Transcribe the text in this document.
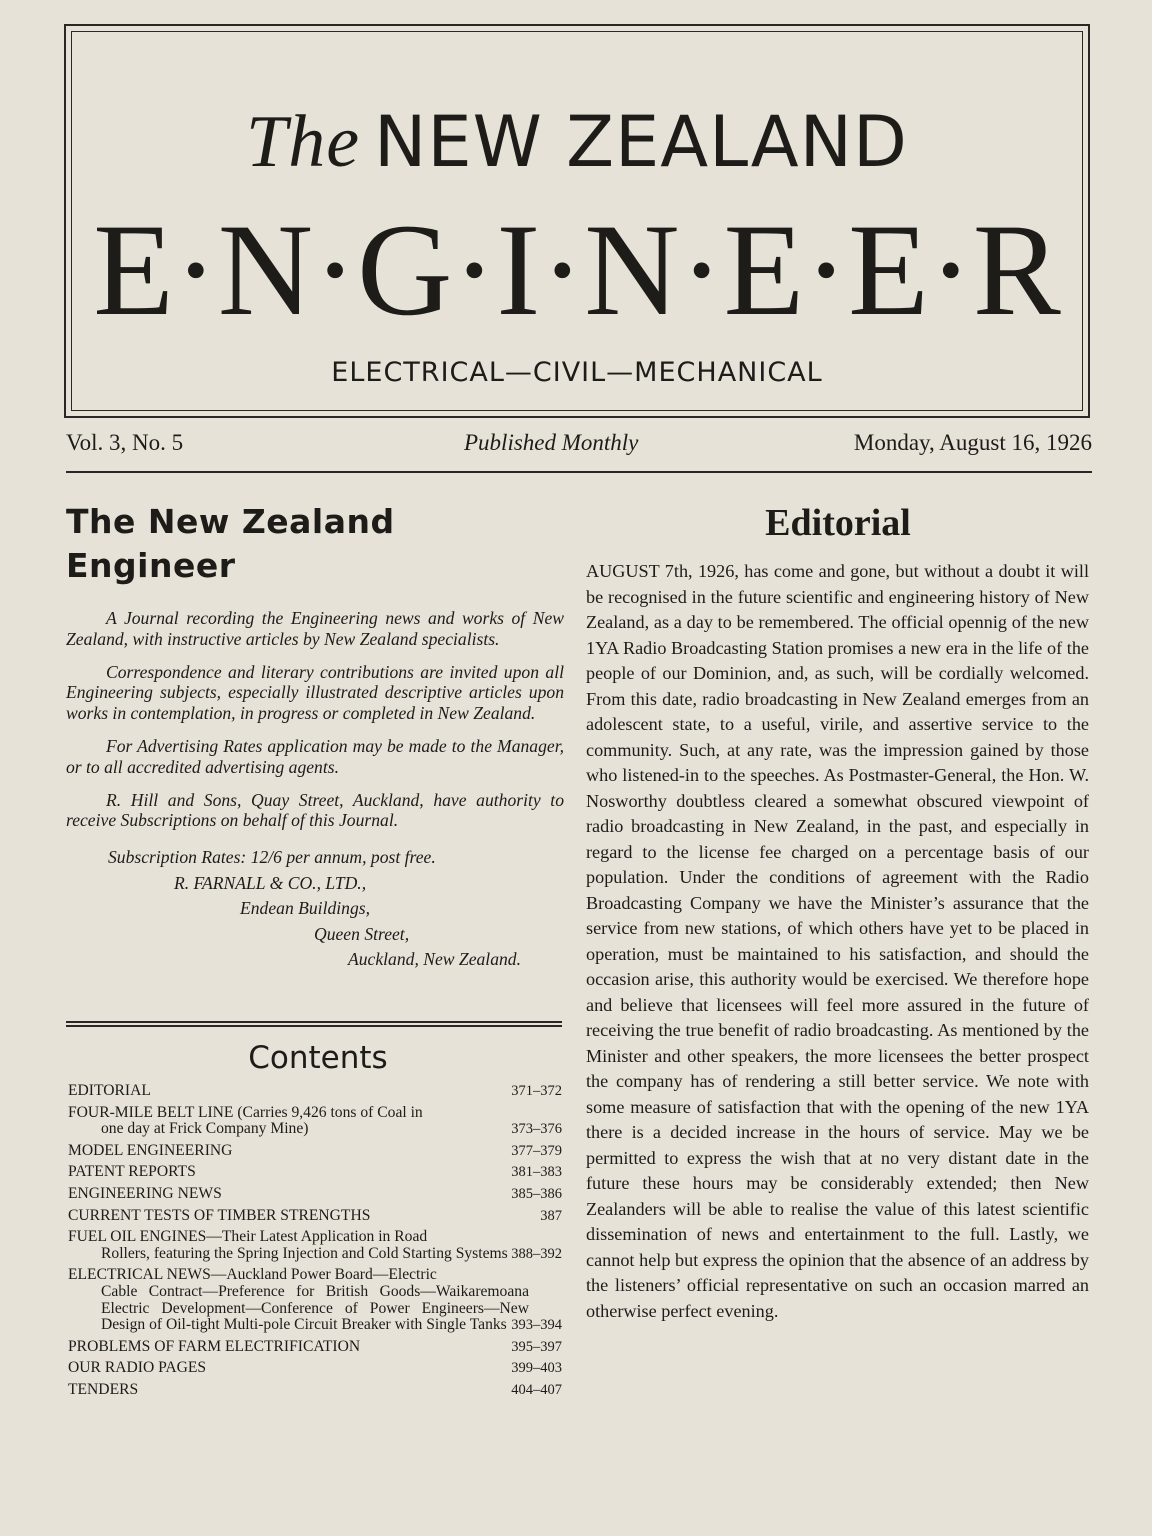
The NEW ZEALAND
E·N·G·I·N·E·E·R
ELECTRICAL—CIVIL—MECHANICAL
Vol. 3, No. 5	Published Monthly	Monday, August 16, 1926
The New Zealand Engineer

A Journal recording the Engineering news and works of New Zealand, with instructive articles by New Zealand specialists.

Correspondence and literary contributions are invited upon all Engineering subjects, especially illustrated descriptive articles upon works in contemplation, in progress or completed in New Zealand.

For Advertising Rates application may be made to the Manager, or to all accredited advertising agents.

R. Hill and Sons, Quay Street, Auckland, have authority to receive Subscriptions on behalf of this Journal.

Subscription Rates: 12/6 per annum, post free.
R. FARNALL & CO., LTD.,
Endean Buildings,
Queen Street,
Auckland, New Zealand.
Contents
EDITORIAL	371–372
FOUR-MILE BELT LINE (Carries 9,426 tons of Coal in
one day at Frick Company Mine)	373–376
MODEL ENGINEERING	377–379
PATENT REPORTS	381–383
ENGINEERING NEWS	385–386
CURRENT TESTS OF TIMBER STRENGTHS	387
FUEL OIL ENGINES—Their Latest Application in Road
Rollers, featuring the Spring Injection and Cold Starting Systems 388–392
ELECTRICAL NEWS—Auckland Power Board—Electric
Cable Contract—Preference for British Goods—Waikaremoana Electric Development—Conference of Power Engineers—New Design of Oil-tight Multi-pole Circuit Breaker with Single Tanks 393–394
PROBLEMS OF FARM ELECTRIFICATION	395–397
OUR RADIO PAGES	399–403
TENDERS	404–407
Editorial

AUGUST 7th, 1926, has come and gone, but without a doubt it will be recognised in the future scientific and engineering history of New Zealand, as a day to be remembered. The official opennig of the new 1YA Radio Broadcasting Station promises a new era in the life of the people of our Dominion, and, as such, will be cordially welcomed. From this date, radio broadcasting in New Zealand emerges from an adolescent state, to a useful, virile, and assertive service to the community. Such, at any rate, was the impression gained by those who listened-in to the speeches. As Postmaster-General, the Hon. W. Nosworthy doubtless cleared a somewhat obscured viewpoint of radio broadcasting in New Zealand, in the past, and especially in regard to the license fee charged on a percentage basis of our population. Under the conditions of agreement with the Radio Broadcasting Company we have the Minister’s assurance that the service from new stations, of which others have yet to be placed in operation, must be maintained to his satisfaction, and should the occasion arise, this authority would be exercised. We therefore hope and believe that licensees will feel more assured in the future of receiving the true benefit of radio broadcasting. As mentioned by the Minister and other speakers, the more licensees the better prospect the company has of rendering a still better service. We note with some measure of satisfaction that with the opening of the new 1YA there is a decided increase in the hours of service. May we be permitted to express the wish that at no very distant date in the future these hours may be considerably extended; then New Zealanders will be able to realise the value of this latest scientific dissemination of news and entertainment to the full. Lastly, we cannot help but express the opinion that the absence of an address by the listeners’ official representative on such an occasion marred an otherwise perfect evening.
